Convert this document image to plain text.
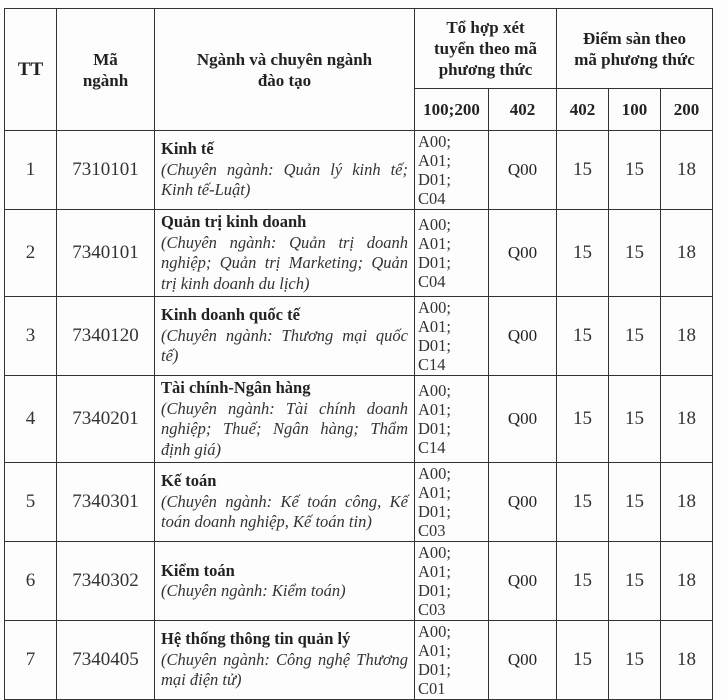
TT	Mã ngành	Ngành và chuyên ngành đào tạo	Tổ hợp xét tuyển theo mã phương thức		Điểm sàn theo mã phương thức		

			100;200	402	402	100	200
1	7310101	Kinh tế
(Chuyên ngành: Quản lý kinh tế; Kinh tế-Luật)	A00;
A01;
D01;
C04	Q00	15	15	18
2	7340101	Quản trị kinh doanh
(Chuyên ngành: Quản trị doanh nghiệp; Quản trị Marketing; Quản trị kinh doanh du lịch)	A00;
A01;
D01;
C04	Q00	15	15	18
3	7340120	Kinh doanh quốc tế
(Chuyên ngành: Thương mại quốc tế)	A00;
A01;
D01;
C14	Q00	15	15	18
4	7340201	Tài chính-Ngân hàng
(Chuyên ngành: Tài chính doanh nghiệp; Thuế; Ngân hàng; Thẩm định giá)	A00;
A01;
D01;
C14	Q00	15	15	18
5	7340301	Kế toán
(Chuyên ngành: Kế toán công, Kế toán doanh nghiệp, Kế toán tin)	A00;
A01;
D01;
C03	Q00	15	15	18
6	7340302	Kiểm toán
(Chuyên ngành: Kiểm toán)	A00;
A01;
D01;
C03	Q00	15	15	18
7	7340405	Hệ thống thông tin quản lý
(Chuyên ngành: Công nghệ Thương mại điện tử)	A00;
A01;
D01;
C01	Q00	15	15	18
